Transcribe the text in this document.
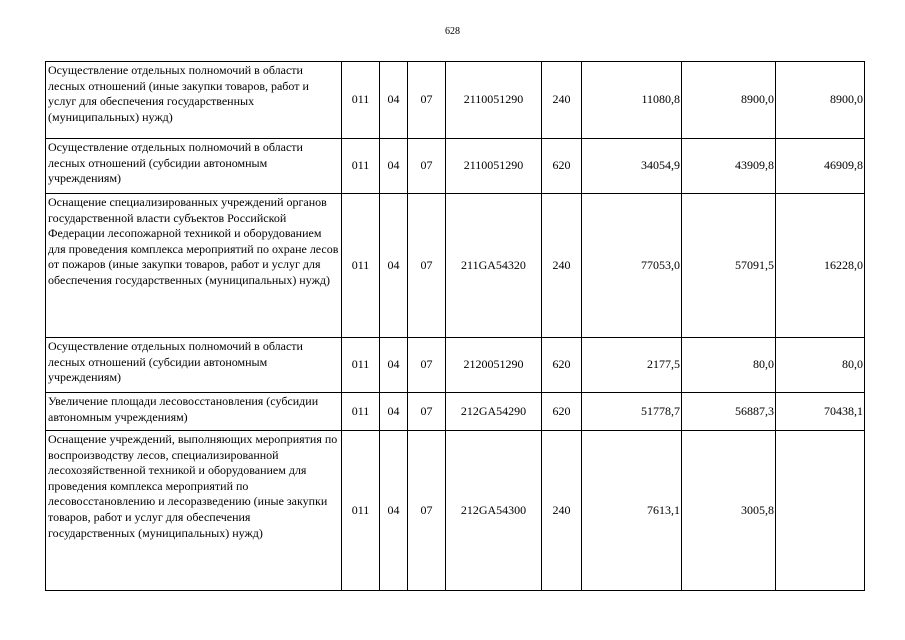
628
Осуществление отдельных полномочий в области лесных отношений (иные закупки товаров, работ и услуг для обеспечения государственных (муниципальных) нужд)	011	04	07	2110051290	240	11080,8	8900,0	8900,0
Осуществление отдельных полномочий в области лесных отношений (субсидии автономным учреждениям)	011	04	07	2110051290	620	34054,9	43909,8	46909,8
Оснащение специализированных учреждений органов государственной власти субъектов Российской Федерации лесопожарной техникой и оборудованием для проведения комплекса мероприятий по охране лесов от пожаров (иные закупки товаров, работ и услуг для обеспечения государственных (муниципальных) нужд)	011	04	07	211GA54320	240	77053,0	57091,5	16228,0
Осуществление отдельных полномочий в области лесных отношений (субсидии автономным учреждениям)	011	04	07	2120051290	620	2177,5	80,0	80,0
Увеличение площади лесовосстановления (субсидии автономным учреждениям)	011	04	07	212GA54290	620	51778,7	56887,3	70438,1
Оснащение учреждений, выполняющих мероприятия по воспроизводству лесов, специализированной лесохозяйственной техникой и оборудованием для проведения комплекса мероприятий по лесовосстановлению и лесоразведению (иные закупки товаров, работ и услуг для обеспечения государственных (муниципальных) нужд)	011	04	07	212GA54300	240	7613,1	3005,8	
